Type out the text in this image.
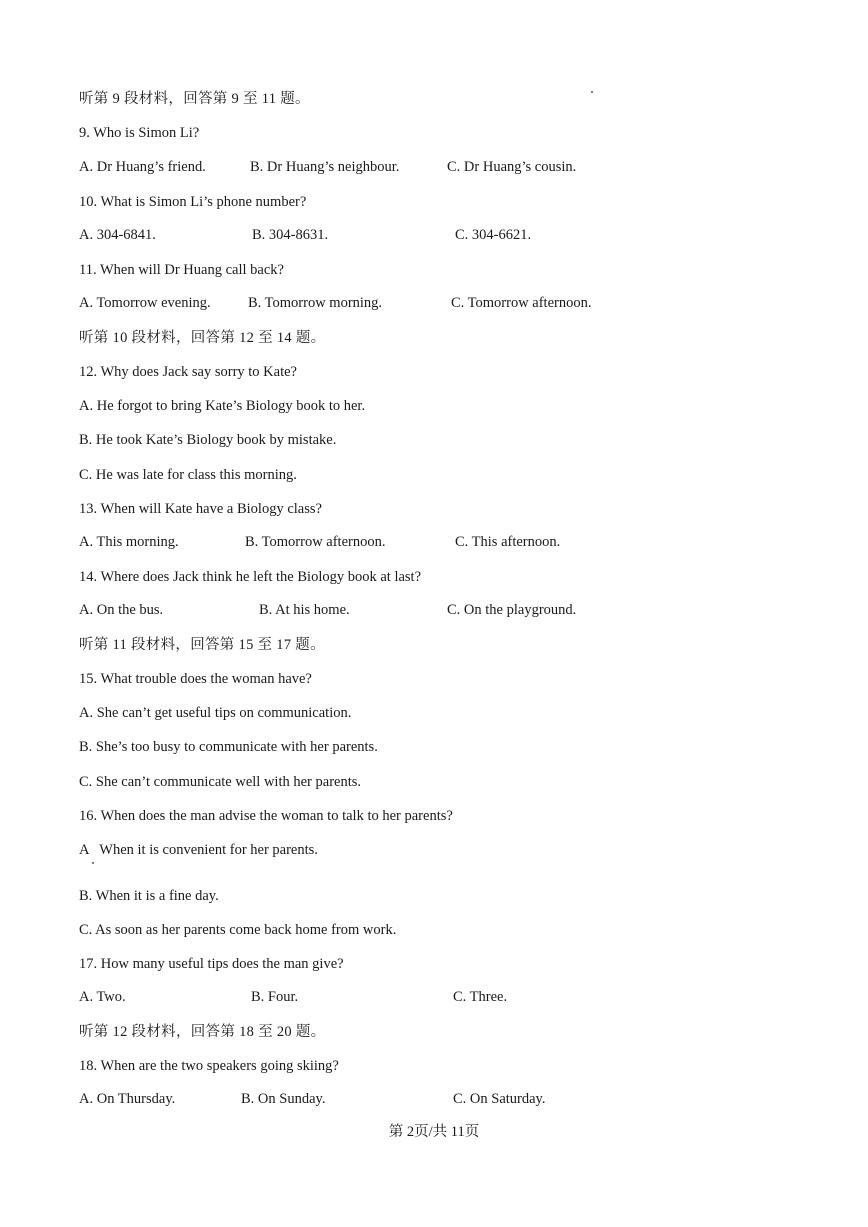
听第 9 段材料，回答第 9 至 11 题。
9. Who is Simon Li?
A. Dr Huang’s friend.	B. Dr Huang’s neighbour.	C. Dr Huang’s cousin.
10. What is Simon Li’s phone number?
A. 304-6841.	B. 304-8631.	C. 304-6621.
11. When will Dr Huang call back?
A. Tomorrow evening.	B. Tomorrow morning.	C. Tomorrow afternoon.
听第 10 段材料，回答第 12 至 14 题。
12. Why does Jack say sorry to Kate?
A. He forgot to bring Kate’s Biology book to her.
B. He took Kate’s Biology book by mistake.
C. He was late for class this morning.
13. When will Kate have a Biology class?
A. This morning.	B. Tomorrow afternoon.	C. This afternoon.
14. Where does Jack think he left the Biology book at last?
A. On the bus.	B. At his home.	C. On the playground.
听第 11 段材料，回答第 15 至 17 题。
15. What trouble does the woman have?
A. She can’t get useful tips on communication.
B. She’s too busy to communicate with her parents.
C. She can’t communicate well with her parents.
16. When does the man advise the woman to talk to her parents?
A   When it is convenient for her parents.
B. When it is a fine day.
C. As soon as her parents come back home from work.
17. How many useful tips does the man give?
A. Two.	B. Four.	C. Three.
听第 12 段材料，回答第 18 至 20 题。
18. When are the two speakers going skiing?
A. On Thursday.	B. On Sunday.	C. On Saturday.
第 2页/共 11页
